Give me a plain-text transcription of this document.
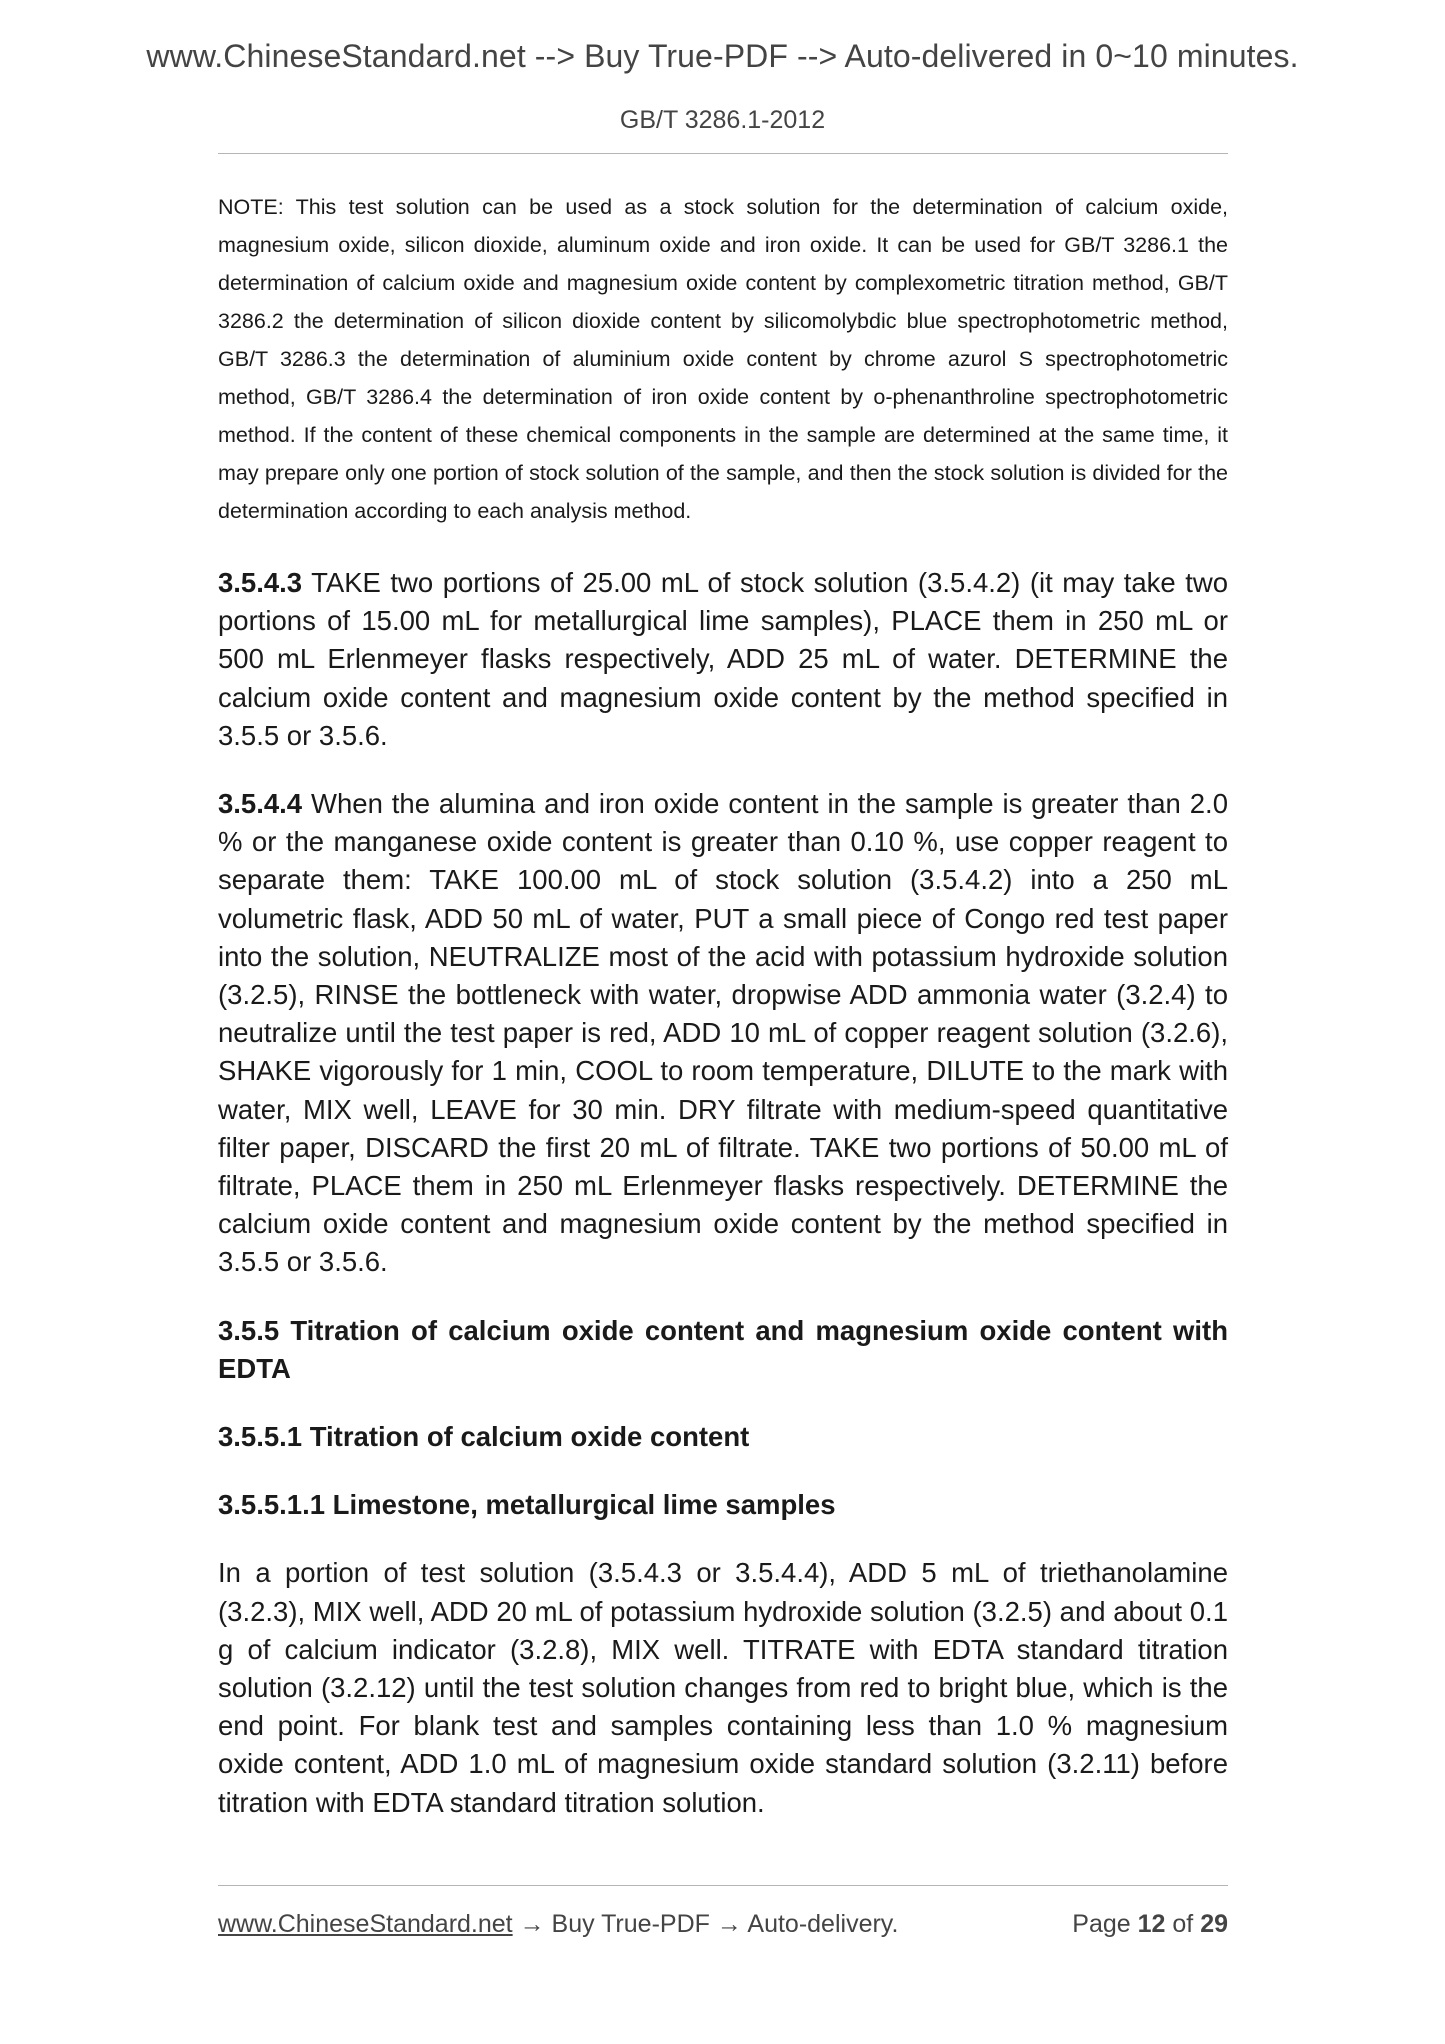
www.ChineseStandard.net --> Buy True-PDF --> Auto-delivered in 0~10 minutes.
GB/T 3286.1-2012

NOTE: This test solution can be used as a stock solution for the determination of calcium oxide, magnesium oxide, silicon dioxide, aluminum oxide and iron oxide. It can be used for GB/T 3286.1 the determination of calcium oxide and magnesium oxide content by complexometric titration method, GB/T 3286.2 the determination of silicon dioxide content by silicomolybdic blue spectrophotometric method, GB/T 3286.3 the determination of aluminium oxide content by chrome azurol S spectrophotometric method, GB/T 3286.4 the determination of iron oxide content by o-phenanthroline spectrophotometric method. If the content of these chemical components in the sample are determined at the same time, it may prepare only one portion of stock solution of the sample, and then the stock solution is divided for the determination according to each analysis method.

3.5.4.3 TAKE two portions of 25.00 mL of stock solution (3.5.4.2) (it may take two portions of 15.00 mL for metallurgical lime samples), PLACE them in 250 mL or 500 mL Erlenmeyer flasks respectively, ADD 25 mL of water. DETERMINE the calcium oxide content and magnesium oxide content by the method specified in 3.5.5 or 3.5.6.

3.5.4.4 When the alumina and iron oxide content in the sample is greater than 2.0 % or the manganese oxide content is greater than 0.10 %, use copper reagent to separate them: TAKE 100.00 mL of stock solution (3.5.4.2) into a 250 mL volumetric flask, ADD 50 mL of water, PUT a small piece of Congo red test paper into the solution, NEUTRALIZE most of the acid with potassium hydroxide solution (3.2.5), RINSE the bottleneck with water, dropwise ADD ammonia water (3.2.4) to neutralize until the test paper is red, ADD 10 mL of copper reagent solution (3.2.6), SHAKE vigorously for 1 min, COOL to room temperature, DILUTE to the mark with water, MIX well, LEAVE for 30 min. DRY filtrate with medium-speed quantitative filter paper, DISCARD the first 20 mL of filtrate. TAKE two portions of 50.00 mL of filtrate, PLACE them in 250 mL Erlenmeyer flasks respectively. DETERMINE the calcium oxide content and magnesium oxide content by the method specified in 3.5.5 or 3.5.6.

3.5.5 Titration of calcium oxide content and magnesium oxide content with EDTA

3.5.5.1 Titration of calcium oxide content

3.5.5.1.1 Limestone, metallurgical lime samples

In a portion of test solution (3.5.4.3 or 3.5.4.4), ADD 5 mL of triethanolamine (3.2.3), MIX well, ADD 20 mL of potassium hydroxide solution (3.2.5) and about 0.1 g of calcium indicator (3.2.8), MIX well. TITRATE with EDTA standard titration solution (3.2.12) until the test solution changes from red to bright blue, which is the end point. For blank test and samples containing less than 1.0 % magnesium oxide content, ADD 1.0 mL of magnesium oxide standard solution (3.2.11) before titration with EDTA standard titration solution.

www.ChineseStandard.net → Buy True-PDF → Auto-delivery.	Page 12 of 29
